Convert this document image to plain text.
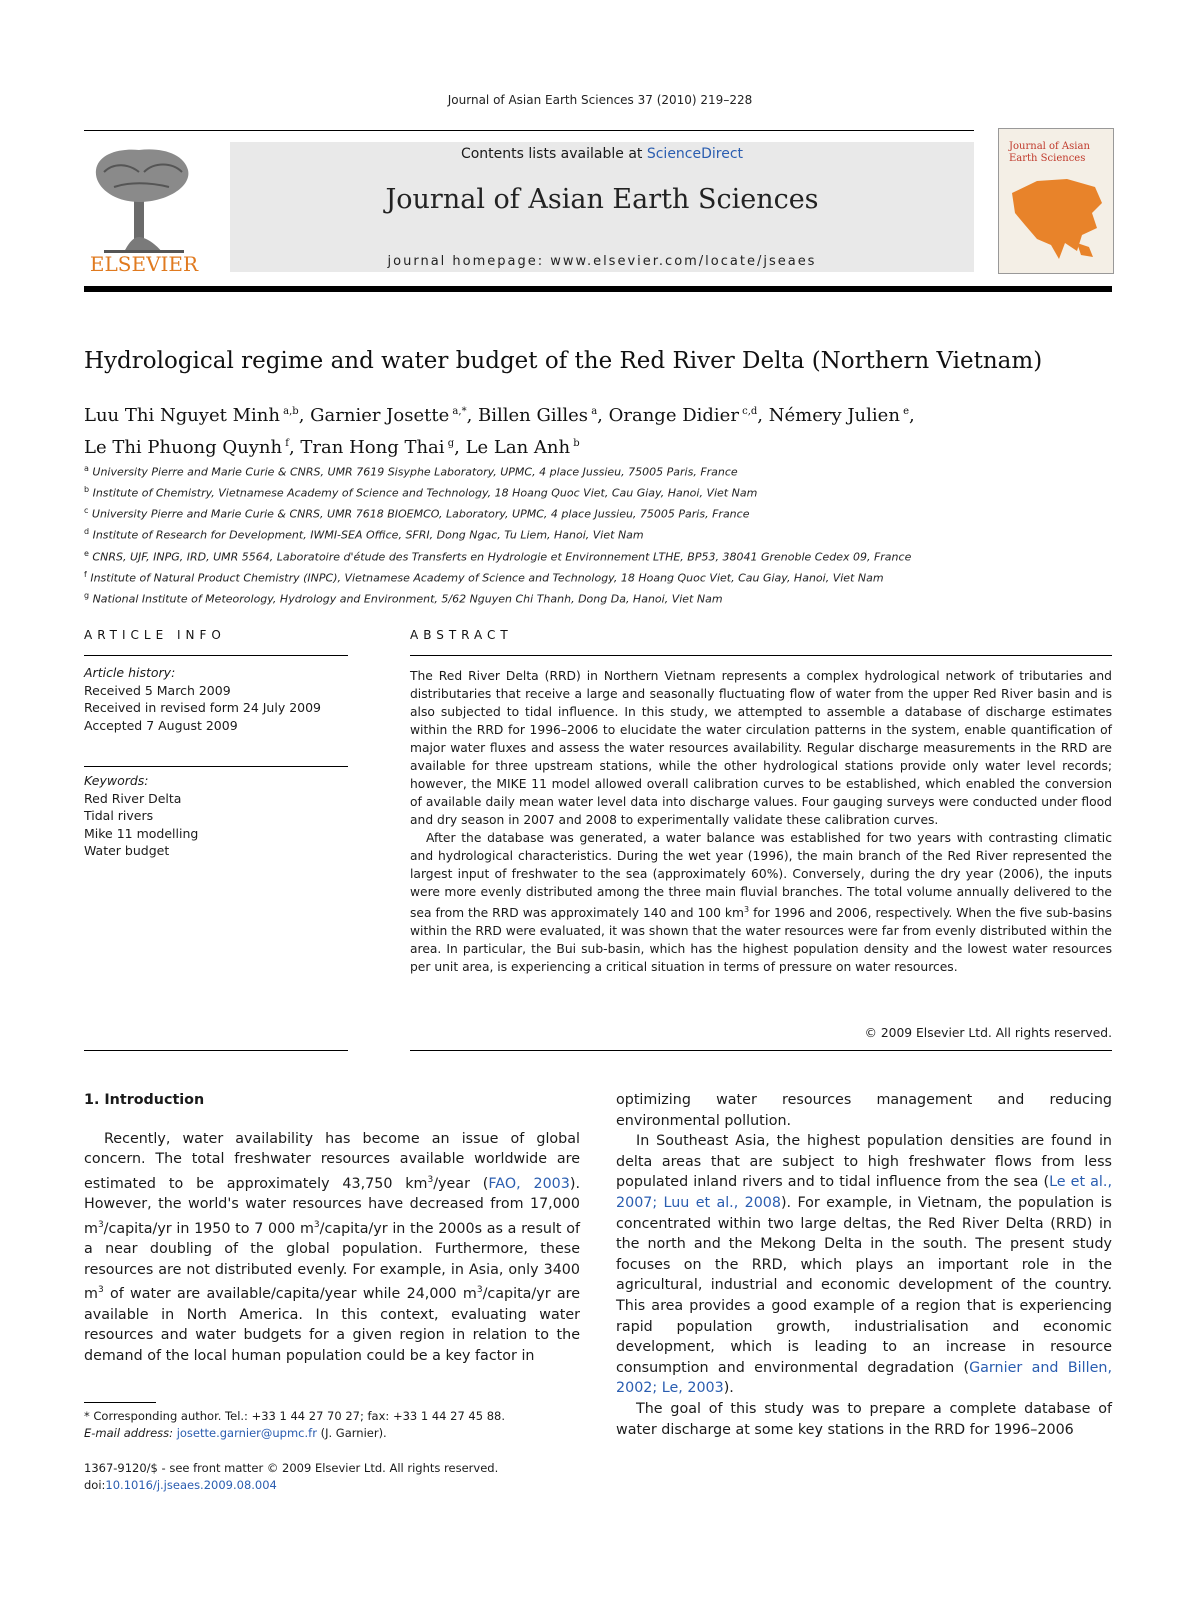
Journal of Asian Earth Sciences 37 (2010) 219–228
ELSEVIER
Contents lists available at ScienceDirect
Journal of Asian Earth Sciences
journal homepage: www.elsevier.com/locate/jseaes
Journal of Asian Earth Sciences
Hydrological regime and water budget of the Red River Delta (Northern Vietnam)
Luu Thi Nguyet Minh $^{a,b}$, Garnier Josette $^{a,*}$, Billen Gilles $^a$, Orange Didier $^{c,d}$, Némery Julien $^e$,
Le Thi Phuong Quynh $^f$, Tran Hong Thai $^g$, Le Lan Anh $^b$
$^a$ University Pierre and Marie Curie & CNRS, UMR 7619 Sisyphe Laboratory, UPMC, 4 place Jussieu, 75005 Paris, France
$^b$ Institute of Chemistry, Vietnamese Academy of Science and Technology, 18 Hoang Quoc Viet, Cau Giay, Hanoi, Viet Nam
$^c$ University Pierre and Marie Curie & CNRS, UMR 7618 BIOEMCO, Laboratory, UPMC, 4 place Jussieu, 75005 Paris, France
$^d$ Institute of Research for Development, IWMI-SEA Office, SFRI, Dong Ngac, Tu Liem, Hanoi, Viet Nam
$^e$ CNRS, UJF, INPG, IRD, UMR 5564, Laboratoire d'étude des Transferts en Hydrologie et Environnement LTHE, BP53, 38041 Grenoble Cedex 09, France
$^f$ Institute of Natural Product Chemistry (INPC), Vietnamese Academy of Science and Technology, 18 Hoang Quoc Viet, Cau Giay, Hanoi, Viet Nam
$^g$ National Institute of Meteorology, Hydrology and Environment, 5/62 Nguyen Chi Thanh, Dong Da, Hanoi, Viet Nam
ARTICLE INFO
Article history:
Received 5 March 2009
Received in revised form 24 July 2009
Accepted 7 August 2009
Keywords:
Red River Delta
Tidal rivers
Mike 11 modelling
Water budget
ABSTRACT

The Red River Delta (RRD) in Northern Vietnam represents a complex hydrological network of tributaries and distributaries that receive a large and seasonally fluctuating flow of water from the upper Red River basin and is also subjected to tidal influence. In this study, we attempted to assemble a database of discharge estimates within the RRD for 1996–2006 to elucidate the water circulation patterns in the system, enable quantification of major water fluxes and assess the water resources availability. Regular discharge measurements in the RRD are available for three upstream stations, while the other hydrological stations provide only water level records; however, the MIKE 11 model allowed overall calibration curves to be established, which enabled the conversion of available daily mean water level data into discharge values. Four gauging surveys were conducted under flood and dry season in 2007 and 2008 to experimentally validate these calibration curves.

After the database was generated, a water balance was established for two years with contrasting climatic and hydrological characteristics. During the wet year (1996), the main branch of the Red River represented the largest input of freshwater to the sea (approximately 60%). Conversely, during the dry year (2006), the inputs were more evenly distributed among the three main fluvial branches. The total volume annually delivered to the sea from the RRD was approximately 140 and 100 $km^3$ for 1996 and 2006, respectively. When the five sub-basins within the RRD were evaluated, it was shown that the water resources were far from evenly distributed within the area. In particular, the Bui sub-basin, which has the highest population density and the lowest water resources per unit area, is experiencing a critical situation in terms of pressure on water resources.

© 2009 Elsevier Ltd. All rights reserved.
1. Introduction

Recently, water availability has become an issue of global concern. The total freshwater resources available worldwide are estimated to be approximately 43,750 $km^3$/year (FAO, 2003). However, the world's water resources have decreased from 17,000 $m^3/capita/yr$ in 1950 to 7 000 $m^3/capita/yr$ in the 2000s as a result of a near doubling of the global population. Furthermore, these resources are not distributed evenly. For example, in Asia, only 3400 $m^3$ of water are available/capita/year while 24,000 $m^3/capita/yr$ are available in North America. In this context, evaluating water resources and water budgets for a given region in relation to the demand of the local human population could be a key factor in

optimizing water resources management and reducing environmental pollution.

In Southeast Asia, the highest population densities are found in delta areas that are subject to high freshwater flows from less populated inland rivers and to tidal influence from the sea (Le et al., 2007; Luu et al., 2008). For example, in Vietnam, the population is concentrated within two large deltas, the Red River Delta (RRD) in the north and the Mekong Delta in the south. The present study focuses on the RRD, which plays an important role in the agricultural, industrial and economic development of the country. This area provides a good example of a region that is experiencing rapid population growth, industrialisation and economic development, which is leading to an increase in resource consumption and environmental degradation (Garnier and Billen, 2002; Le, 2003).

The goal of this study was to prepare a complete database of water discharge at some key stations in the RRD for 1996–2006

* Corresponding author. Tel.: +33 1 44 27 70 27; fax: +33 1 44 27 45 88.
E-mail address: josette.garnier@upmc.fr (J. Garnier).
1367-9120/$ - see front matter © 2009 Elsevier Ltd. All rights reserved.
doi:10.1016/j.jseaes.2009.08.004
